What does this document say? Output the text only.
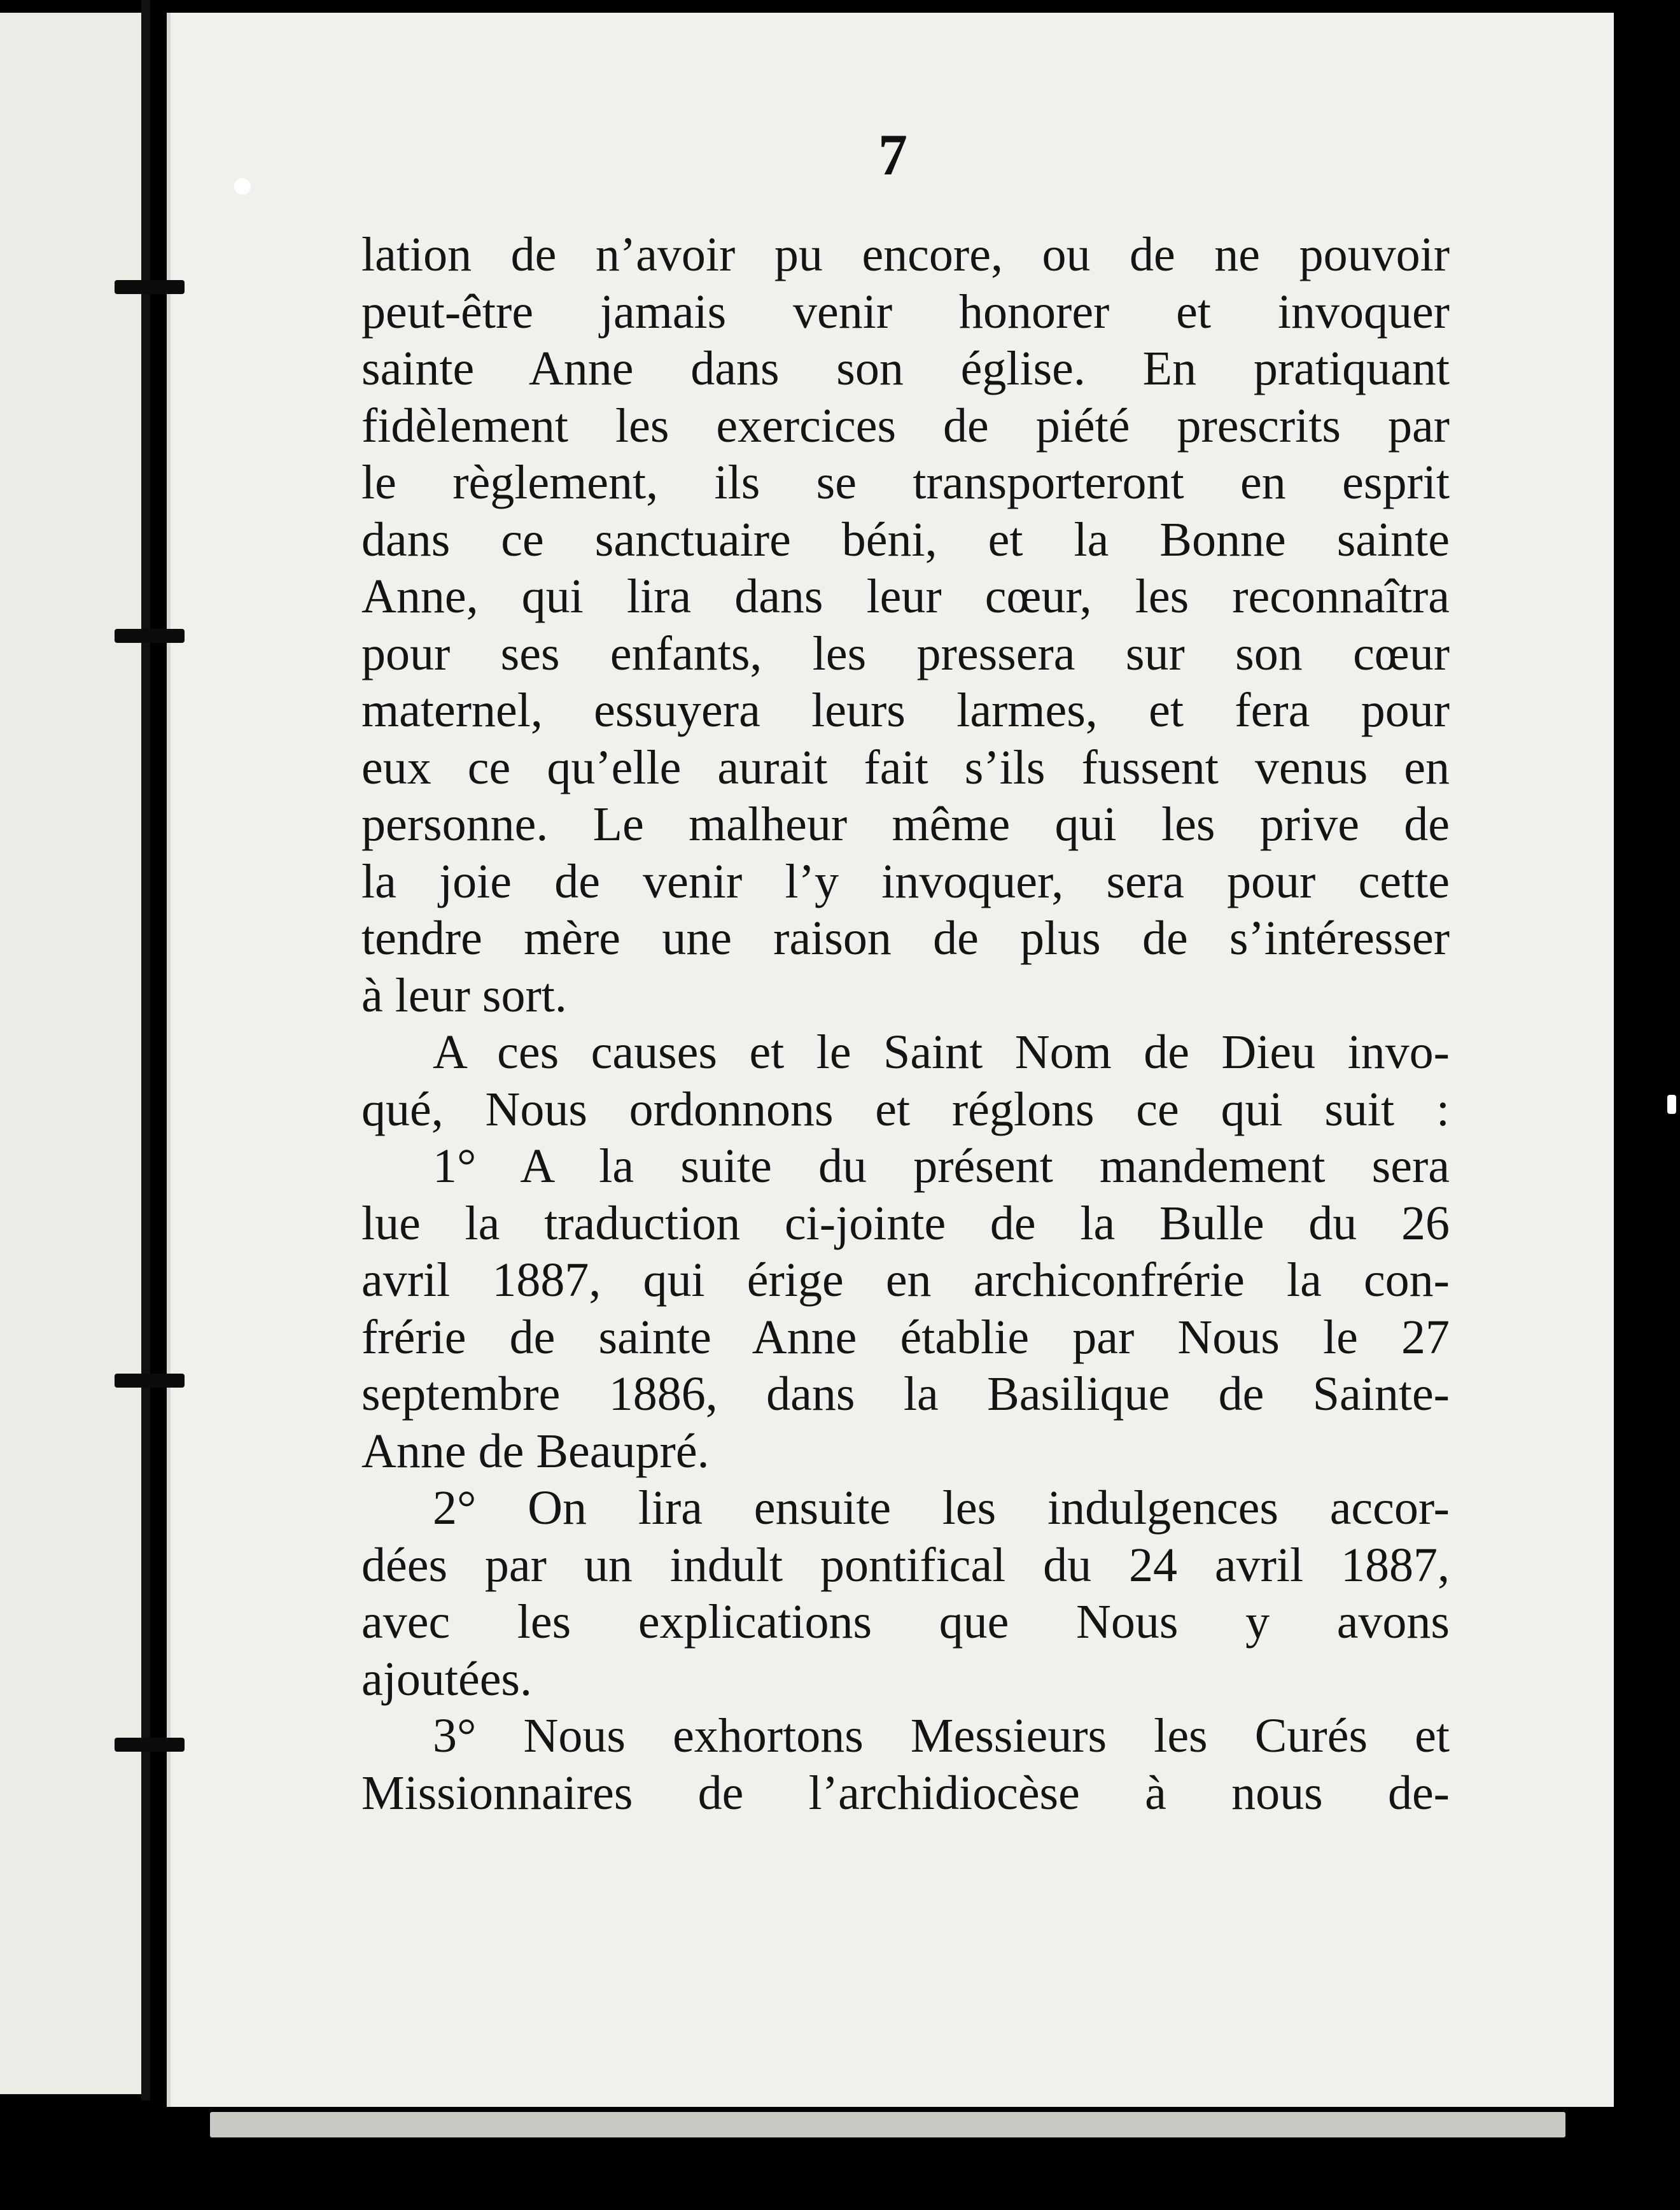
7
lation de n’avoir pu encore, ou de ne pouvoir
peut-être jamais venir honorer et invoquer
sainte Anne dans son église. En pratiquant
fidèlement les exercices de piété prescrits par
le règlement, ils se transporteront en esprit
dans ce sanctuaire béni, et la Bonne sainte
Anne, qui lira dans leur cœur, les reconnaîtra
pour ses enfants, les pressera sur son cœur
maternel, essuyera leurs larmes, et fera pour
eux ce qu’elle aurait fait s’ils fussent venus en
personne. Le malheur même qui les prive de
la joie de venir l’y invoquer, sera pour cette
tendre mère une raison de plus de s’intéresser
à leur sort.
A ces causes et le Saint Nom de Dieu invo-
qué, Nous ordonnons et réglons ce qui suit :
1° A la suite du présent mandement sera
lue la traduction ci-jointe de la Bulle du 26
avril 1887, qui érige en archiconfrérie la con-
frérie de sainte Anne établie par Nous le 27
septembre 1886, dans la Basilique de Sainte-
Anne de Beaupré.
2° On lira ensuite les indulgences accor-
dées par un indult pontifical du 24 avril 1887,
avec les explications que Nous y avons
ajoutées.
3° Nous exhortons Messieurs les Curés et
Missionnaires de l’archidiocèse à nous de-
